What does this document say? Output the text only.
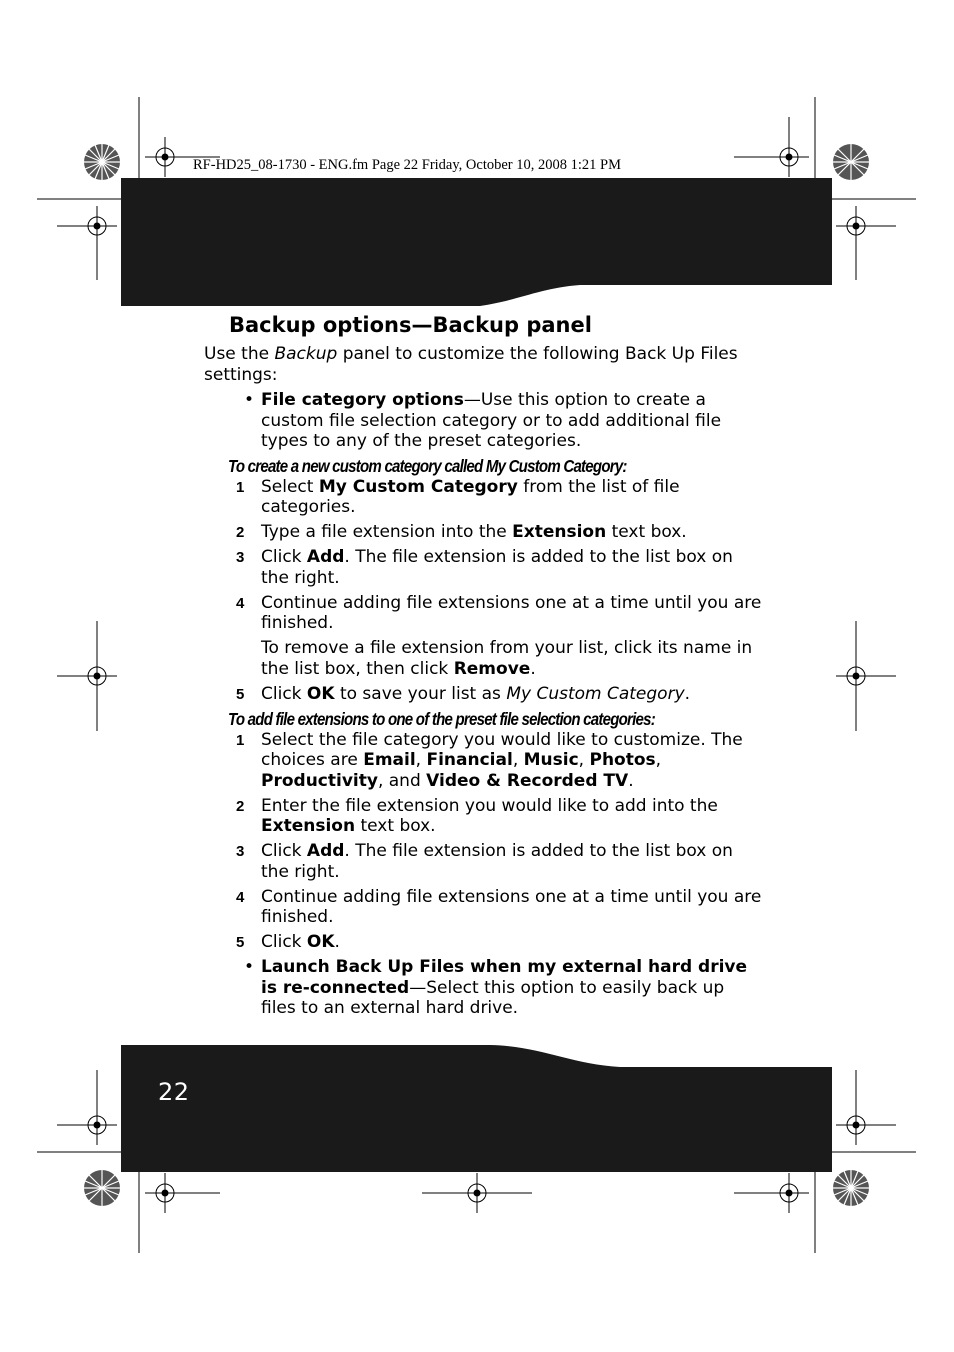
RF-HD25_08-1730 - ENG.fm Page 22 Friday, October 10, 2008 1:21 PM
22
Backup options—Backup panel

Use the Backup panel to customize the following Back Up Files settings:

• File category options—Use this option to create a custom file selection category or to add additional file types to any of the preset categories.
To create a new custom category called My Custom Category:
1 Select My Custom Category from the list of file categories.
2 Type a file extension into the Extension text box.
3 Click Add. The file extension is added to the list box on the right.
4 Continue adding file extensions one at a time until you are finished.
To remove a file extension from your list, click its name in the list box, then click Remove.
5 Click OK to save your list as My Custom Category.
To add file extensions to one of the preset file selection categories:
1 Select the file category you would like to customize. The choices are Email, Financial, Music, Photos, Productivity, and Video & Recorded TV.
2 Enter the file extension you would like to add into the Extension text box.
3 Click Add. The file extension is added to the list box on the right.
4 Continue adding file extensions one at a time until you are finished.
5 Click OK.
• Launch Back Up Files when my external hard drive is re-connected—Select this option to easily back up files to an external hard drive.
